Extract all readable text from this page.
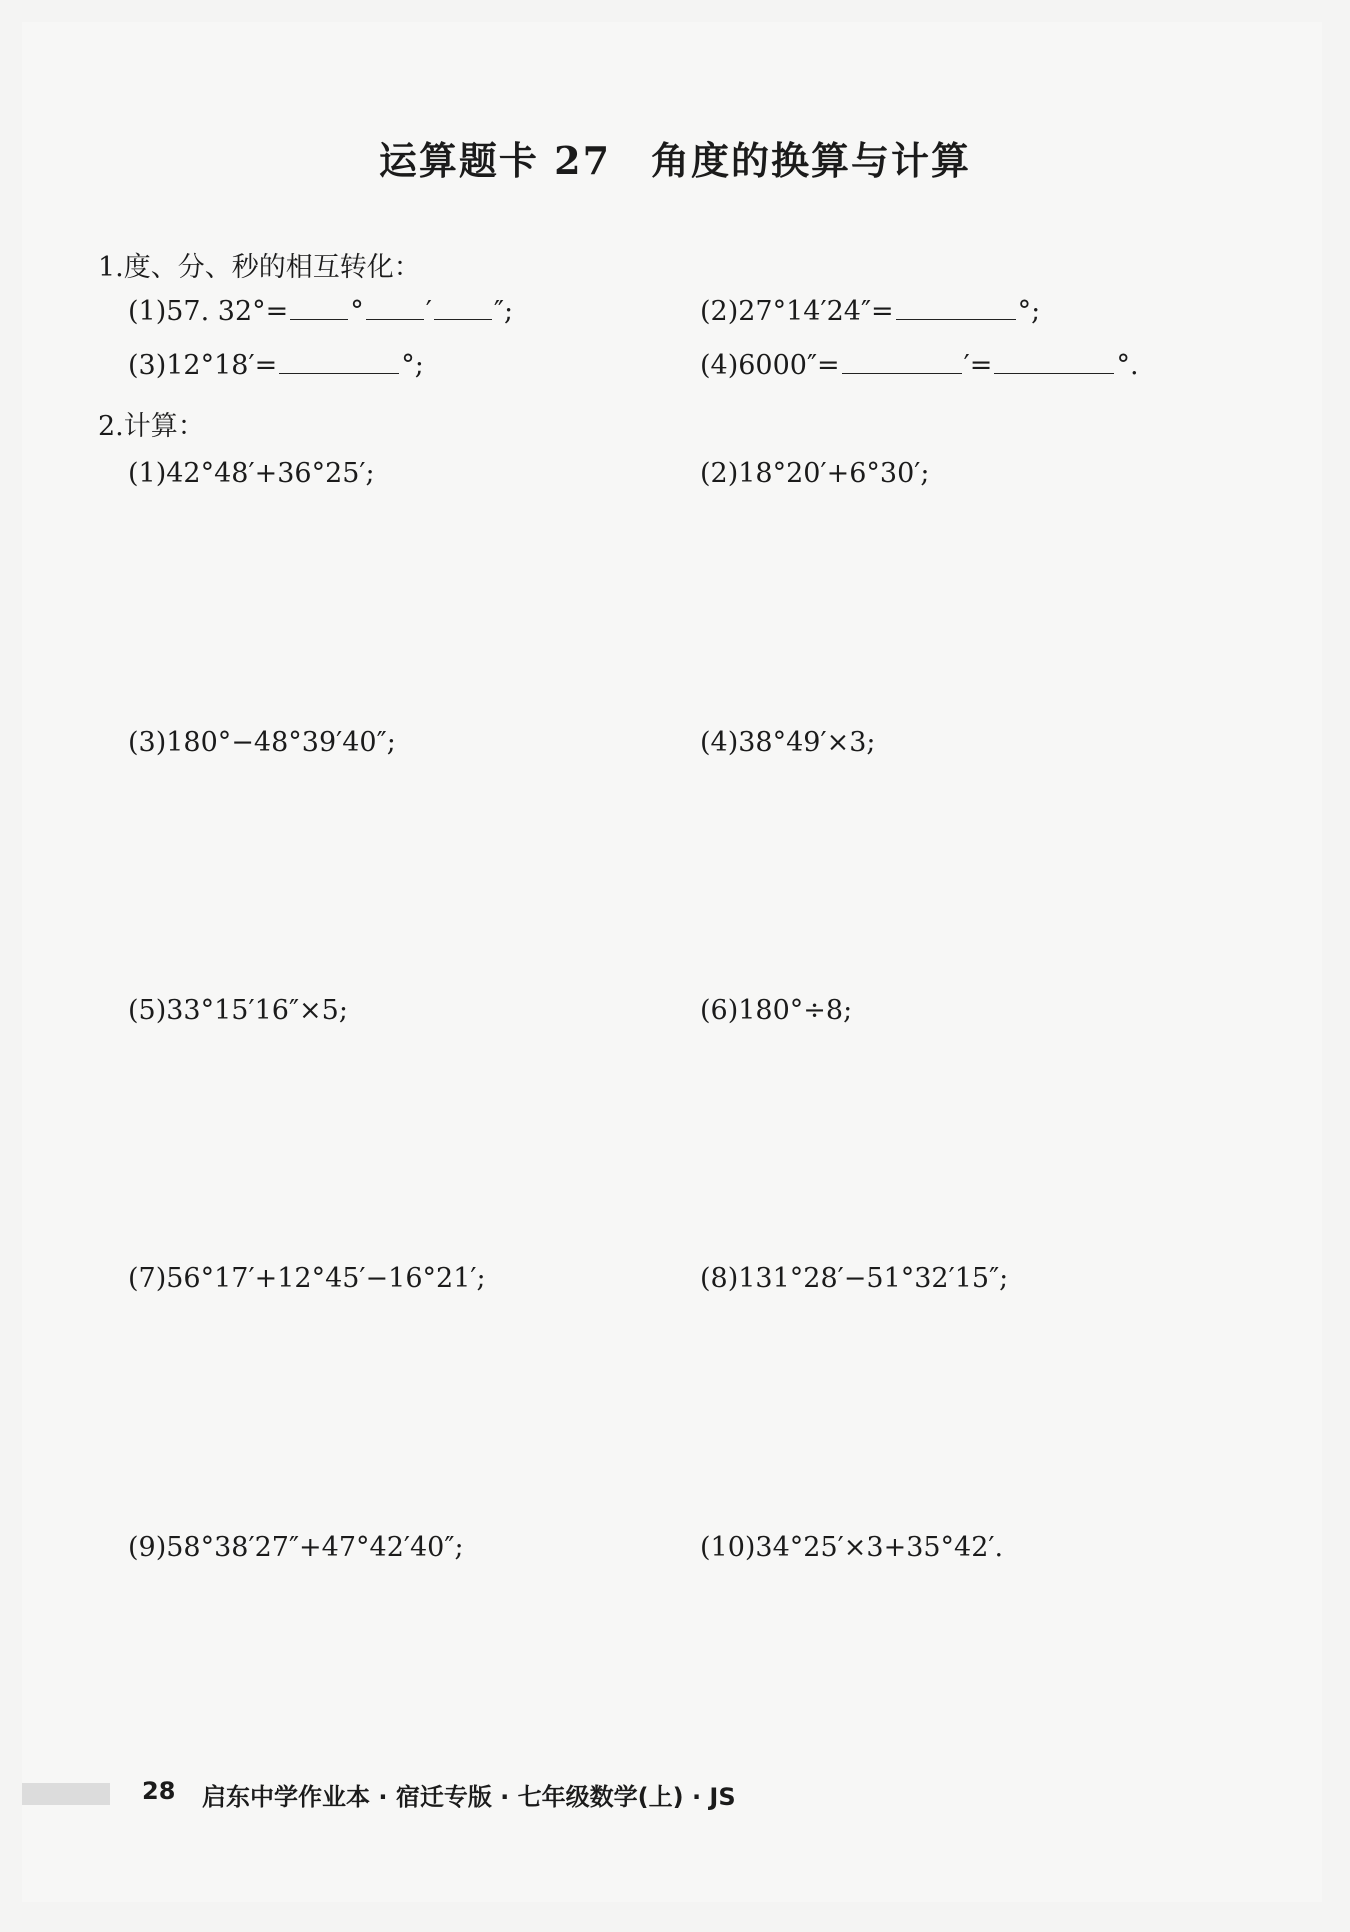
运算题卡 27 角度的换算与计算
1.度、分、秒的相互转化：
(1)57. 32°= ° ′ ″;	(2)27°14′24″=	°;
(3)12°18′=	°;	(4)6000″=	′=	°.
2.计算：
(1)42°48′+36°25′;	(2)18°20′+6°30′;
(3)180°−48°39′40″;	(4)38°49′×3;
(5)33°15′16″×5;	(6)180°÷8;
(7)56°17′+12°45′−16°21′;	(8)131°28′−51°32′15″;
(9)58°38′27″+47°42′40″;	(10)34°25′×3+35°42′.
28 启东中学作业本 · 宿迁专版 · 七年级数学(上) · JS
